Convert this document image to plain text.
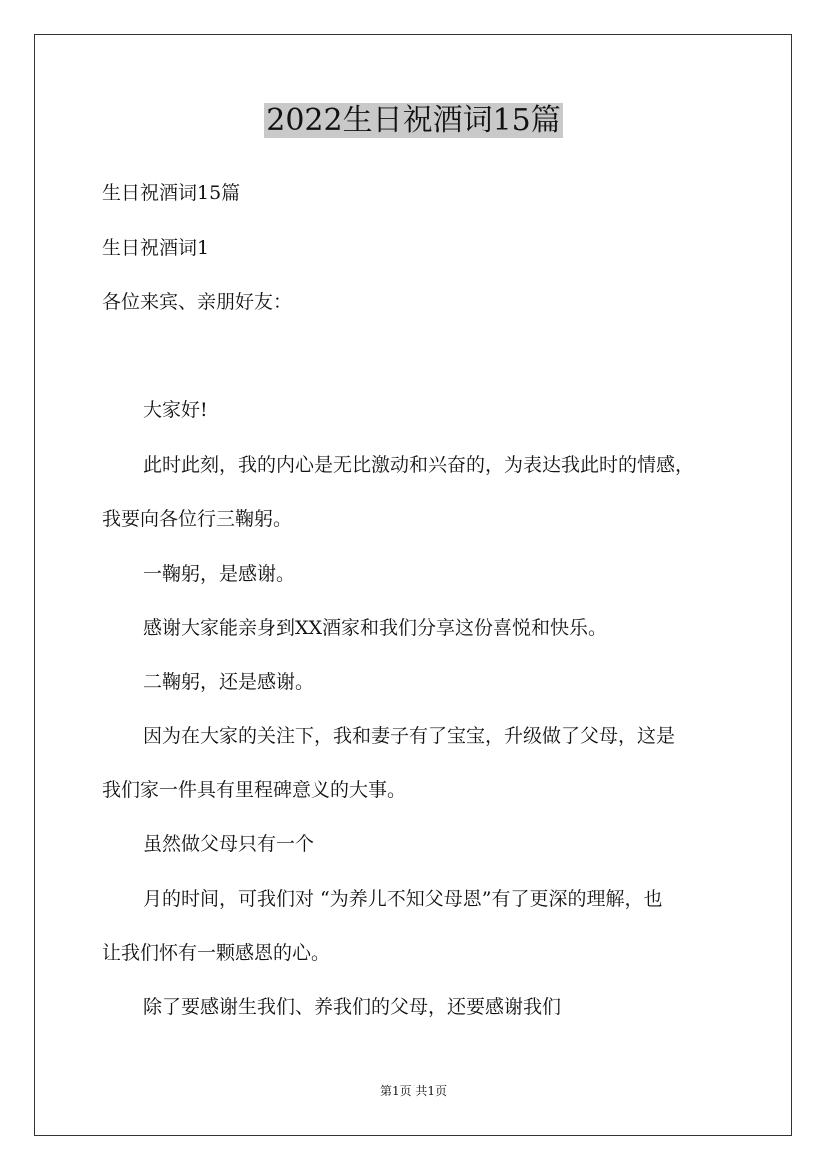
2022生日祝酒词15篇
生日祝酒词15篇
生日祝酒词1
各位来宾、亲朋好友：
大家好!
此时此刻，我的内心是无比激动和兴奋的，为表达我此时的情感，
我要向各位行三鞠躬。
一鞠躬，是感谢。
感谢大家能亲身到XX酒家和我们分享这份喜悦和快乐。
二鞠躬，还是感谢。
因为在大家的关注下，我和妻子有了宝宝，升级做了父母，这是
我们家一件具有里程碑意义的大事。
虽然做父母只有一个
月的时间，可我们对 “为养儿不知父母恩”有了更深的理解，也
让我们怀有一颗感恩的心。
除了要感谢生我们、养我们的父母，还要感谢我们
第1页 共1页
